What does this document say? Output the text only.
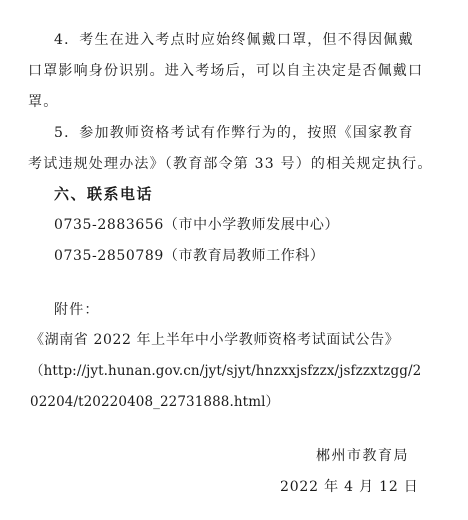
4．考生在进入考点时应始终佩戴口罩，但不得因佩戴
口罩影响身份识别。进入考场后，可以自主决定是否佩戴口
罩。
5．参加教师资格考试有作弊行为的，按照《国家教育
考试违规处理办法》（教育部令第 33 号）的相关规定执行。
六、联系电话
0735-2883656（市中小学教师发展中心）
0735-2850789（市教育局教师工作科）
附件：
《湖南省 2022 年上半年中小学教师资格考试面试公告》
（http://jyt.hunan.gov.cn/jyt/sjyt/hnzxxjsfzzx/jsfzzxtzgg/2
02204/t20220408_22731888.html）
郴州市教育局
2022 年 4 月 12 日
